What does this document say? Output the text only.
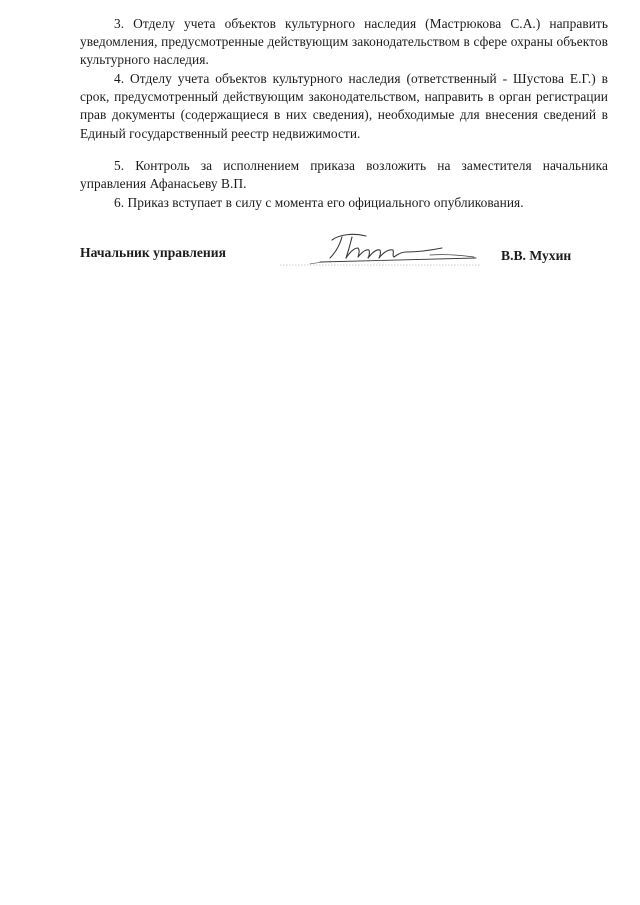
3. Отделу учета объектов культурного наследия (Мастрюкова С.А.) направить уведомления, предусмотренные действующим законодательством в сфере охраны объектов культурного наследия.

4. Отделу учета объектов культурного наследия (ответственный - Шустова Е.Г.) в срок, предусмотренный действующим законодательством, направить в орган регистрации прав документы (содержащиеся в них сведения), необходимые для внесения сведений в Единый государственный реестр недвижимости.

5. Контроль за исполнением приказа возложить на заместителя начальника управления Афанасьеву В.П.

6. Приказ вступает в силу с момента его официального опубликования.

Начальник управления	В.В. Мухин
